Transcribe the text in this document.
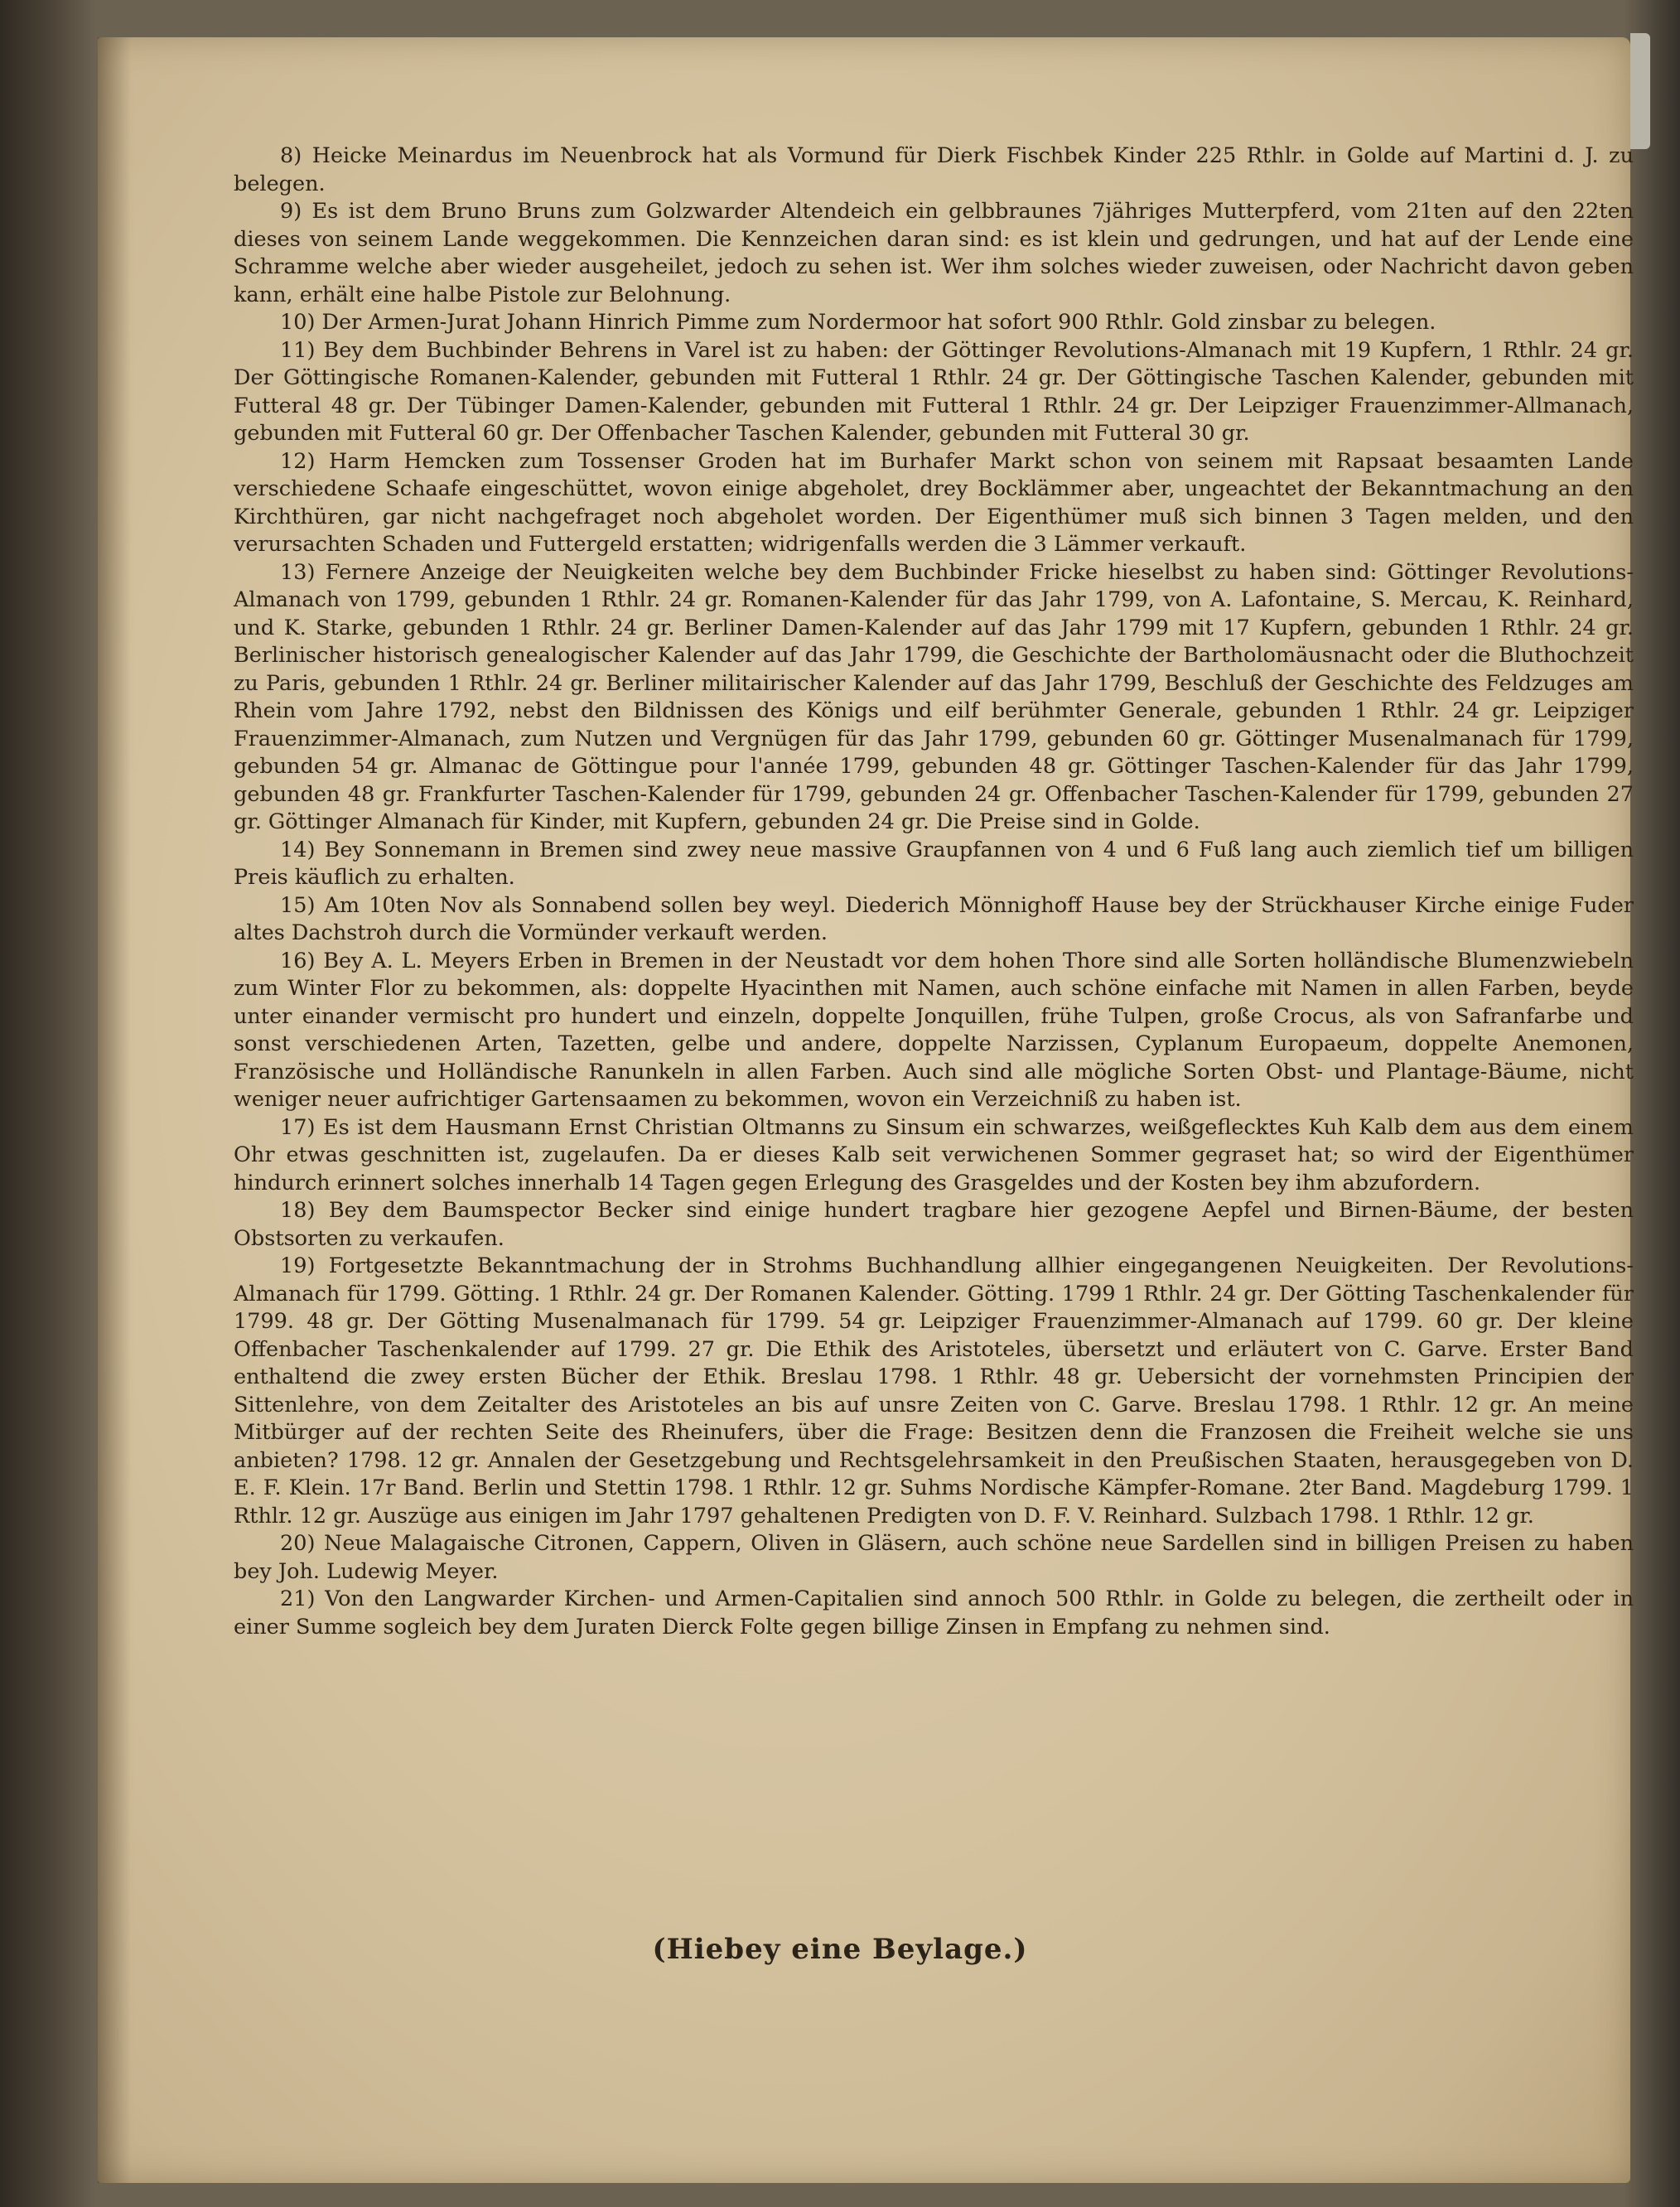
8) Heicke Meinardus im Neuenbrock hat als Vormund für Dierk Fischbek Kinder 225 Rthlr. in Golde auf Martini d. J. zu belegen.

9) Es ist dem Bruno Bruns zum Golzwarder Altendeich ein gelbbraunes 7jähriges Mutterpferd, vom 21ten auf den 22ten dieses von seinem Lande weggekommen. Die Kennzeichen daran sind: es ist klein und gedrungen, und hat auf der Lende eine Schramme welche aber wieder ausgeheilet, jedoch zu sehen ist. Wer ihm solches wieder zuweisen, oder Nachricht davon geben kann, erhält eine halbe Pistole zur Belohnung.

10) Der Armen-Jurat Johann Hinrich Pimme zum Nordermoor hat sofort 900 Rthlr. Gold zinsbar zu belegen.

11) Bey dem Buchbinder Behrens in Varel ist zu haben: der Göttinger Revolutions-Almanach mit 19 Kupfern, 1 Rthlr. 24 gr. Der Göttingische Romanen-Kalender, gebunden mit Futteral 1 Rthlr. 24 gr. Der Göttingische Taschen Kalender, gebunden mit Futteral 48 gr. Der Tübinger Damen-Kalender, gebunden mit Futteral 1 Rthlr. 24 gr. Der Leipziger Frauenzimmer-Allmanach, gebunden mit Futteral 60 gr. Der Offenbacher Taschen Kalender, gebunden mit Futteral 30 gr.

12) Harm Hemcken zum Tossenser Groden hat im Burhafer Markt schon von seinem mit Rapsaat besaamten Lande verschiedene Schaafe eingeschüttet, wovon einige abgeholet, drey Bocklämmer aber, ungeachtet der Bekanntmachung an den Kirchthüren, gar nicht nachgefraget noch abgeholet worden. Der Eigenthümer muß sich binnen 3 Tagen melden, und den verursachten Schaden und Futtergeld erstatten; widrigenfalls werden die 3 Lämmer verkauft.

13) Fernere Anzeige der Neuigkeiten welche bey dem Buchbinder Fricke hieselbst zu haben sind: Göttinger Revolutions-Almanach von 1799, gebunden 1 Rthlr. 24 gr. Romanen-Kalender für das Jahr 1799, von A. Lafontaine, S. Mercau, K. Reinhard, und K. Starke, gebunden 1 Rthlr. 24 gr. Berliner Damen-Kalender auf das Jahr 1799 mit 17 Kupfern, gebunden 1 Rthlr. 24 gr. Berlinischer historisch genealogischer Kalender auf das Jahr 1799, die Geschichte der Bartholomäusnacht oder die Bluthochzeit zu Paris, gebunden 1 Rthlr. 24 gr. Berliner militairischer Kalender auf das Jahr 1799, Beschluß der Geschichte des Feldzuges am Rhein vom Jahre 1792, nebst den Bildnissen des Königs und eilf berühmter Generale, gebunden 1 Rthlr. 24 gr. Leipziger Frauenzimmer-Almanach, zum Nutzen und Vergnügen für das Jahr 1799, gebunden 60 gr. Göttinger Musenalmanach für 1799, gebunden 54 gr. Almanac de Göttingue pour l'année 1799, gebunden 48 gr. Göttinger Taschen-Kalender für das Jahr 1799, gebunden 48 gr. Frankfurter Taschen-Kalender für 1799, gebunden 24 gr. Offenbacher Taschen-Kalender für 1799, gebunden 27 gr. Göttinger Almanach für Kinder, mit Kupfern, gebunden 24 gr. Die Preise sind in Golde.

14) Bey Sonnemann in Bremen sind zwey neue massive Graupfannen von 4 und 6 Fuß lang auch ziemlich tief um billigen Preis käuflich zu erhalten.

15) Am 10ten Nov als Sonnabend sollen bey weyl. Diederich Mönnighoff Hause bey der Strückhauser Kirche einige Fuder altes Dachstroh durch die Vormünder verkauft werden.

16) Bey A. L. Meyers Erben in Bremen in der Neustadt vor dem hohen Thore sind alle Sorten holländische Blumenzwiebeln zum Winter Flor zu bekommen, als: doppelte Hyacinthen mit Namen, auch schöne einfache mit Namen in allen Farben, beyde unter einander vermischt pro hundert und einzeln, doppelte Jonquillen, frühe Tulpen, große Crocus, als von Safranfarbe und sonst verschiedenen Arten, Tazetten, gelbe und andere, doppelte Narzissen, Cyplanum Europaeum, doppelte Anemonen, Französische und Holländische Ranunkeln in allen Farben. Auch sind alle mögliche Sorten Obst- und Plantage-Bäume, nicht weniger neuer aufrichtiger Gartensaamen zu bekommen, wovon ein Verzeichniß zu haben ist.

17) Es ist dem Hausmann Ernst Christian Oltmanns zu Sinsum ein schwarzes, weißgeflecktes Kuh Kalb dem aus dem einem Ohr etwas geschnitten ist, zugelaufen. Da er dieses Kalb seit verwichenen Sommer gegraset hat; so wird der Eigenthümer hindurch erinnert solches innerhalb 14 Tagen gegen Erlegung des Grasgeldes und der Kosten bey ihm abzufordern.

18) Bey dem Baumspector Becker sind einige hundert tragbare hier gezogene Aepfel und Birnen-Bäume, der besten Obstsorten zu verkaufen.

19) Fortgesetzte Bekanntmachung der in Strohms Buchhandlung allhier eingegangenen Neuigkeiten. Der Revolutions-Almanach für 1799. Götting. 1 Rthlr. 24 gr. Der Romanen Kalender. Götting. 1799 1 Rthlr. 24 gr. Der Götting Taschenkalender für 1799. 48 gr. Der Götting Musenalmanach für 1799. 54 gr. Leipziger Frauenzimmer-Almanach auf 1799. 60 gr. Der kleine Offenbacher Taschenkalender auf 1799. 27 gr. Die Ethik des Aristoteles, übersetzt und erläutert von C. Garve. Erster Band enthaltend die zwey ersten Bücher der Ethik. Breslau 1798. 1 Rthlr. 48 gr. Uebersicht der vornehmsten Principien der Sittenlehre, von dem Zeitalter des Aristoteles an bis auf unsre Zeiten von C. Garve. Breslau 1798. 1 Rthlr. 12 gr. An meine Mitbürger auf der rechten Seite des Rheinufers, über die Frage: Besitzen denn die Franzosen die Freiheit welche sie uns anbieten? 1798. 12 gr. Annalen der Gesetzgebung und Rechtsgelehrsamkeit in den Preußischen Staaten, herausgegeben von D. E. F. Klein. 17r Band. Berlin und Stettin 1798. 1 Rthlr. 12 gr. Suhms Nordische Kämpfer-Romane. 2ter Band. Magdeburg 1799. 1 Rthlr. 12 gr. Auszüge aus einigen im Jahr 1797 gehaltenen Predigten von D. F. V. Reinhard. Sulzbach 1798. 1 Rthlr. 12 gr.

20) Neue Malagaische Citronen, Cappern, Oliven in Gläsern, auch schöne neue Sardellen sind in billigen Preisen zu haben bey Joh. Ludewig Meyer.

21) Von den Langwarder Kirchen- und Armen-Capitalien sind annoch 500 Rthlr. in Golde zu belegen, die zertheilt oder in einer Summe sogleich bey dem Juraten Dierck Folte gegen billige Zinsen in Empfang zu nehmen sind.

(Hiebey eine Beylage.)
